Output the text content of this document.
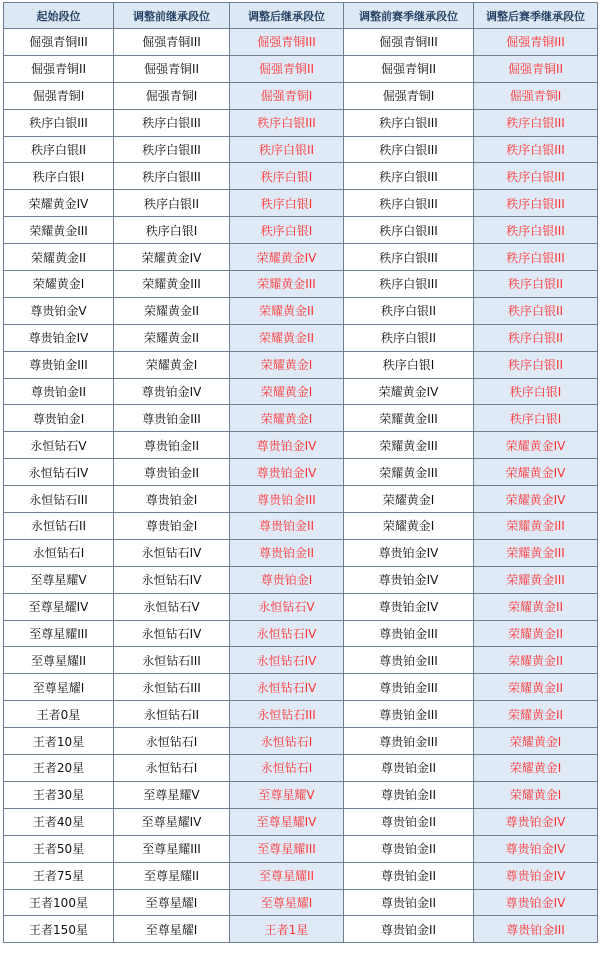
起始段位	调整前继承段位	调整后继承段位	调整前赛季继承段位	调整后赛季继承段位
倔强青铜III	倔强青铜III	倔强青铜III	倔强青铜III	倔强青铜III
倔强青铜II	倔强青铜II	倔强青铜II	倔强青铜II	倔强青铜II
倔强青铜I	倔强青铜I	倔强青铜I	倔强青铜I	倔强青铜I
秩序白银III	秩序白银III	秩序白银III	秩序白银III	秩序白银III
秩序白银II	秩序白银III	秩序白银II	秩序白银III	秩序白银III
秩序白银I	秩序白银III	秩序白银I	秩序白银III	秩序白银III
荣耀黄金IV	秩序白银II	秩序白银I	秩序白银III	秩序白银III
荣耀黄金III	秩序白银I	秩序白银I	秩序白银III	秩序白银III
荣耀黄金II	荣耀黄金IV	荣耀黄金IV	秩序白银III	秩序白银III
荣耀黄金I	荣耀黄金III	荣耀黄金III	秩序白银III	秩序白银II
尊贵铂金V	荣耀黄金II	荣耀黄金II	秩序白银II	秩序白银II
尊贵铂金IV	荣耀黄金II	荣耀黄金II	秩序白银II	秩序白银II
尊贵铂金III	荣耀黄金I	荣耀黄金I	秩序白银I	秩序白银II
尊贵铂金II	尊贵铂金IV	荣耀黄金I	荣耀黄金IV	秩序白银I
尊贵铂金I	尊贵铂金III	荣耀黄金I	荣耀黄金III	秩序白银I
永恒钻石V	尊贵铂金II	尊贵铂金IV	荣耀黄金III	荣耀黄金IV
永恒钻石IV	尊贵铂金II	尊贵铂金IV	荣耀黄金III	荣耀黄金IV
永恒钻石III	尊贵铂金I	尊贵铂金III	荣耀黄金I	荣耀黄金IV
永恒钻石II	尊贵铂金I	尊贵铂金II	荣耀黄金I	荣耀黄金III
永恒钻石I	永恒钻石IV	尊贵铂金II	尊贵铂金IV	荣耀黄金III
至尊星耀V	永恒钻石IV	尊贵铂金I	尊贵铂金IV	荣耀黄金III
至尊星耀IV	永恒钻石V	永恒钻石V	尊贵铂金IV	荣耀黄金II
至尊星耀III	永恒钻石IV	永恒钻石IV	尊贵铂金III	荣耀黄金II
至尊星耀II	永恒钻石III	永恒钻石IV	尊贵铂金III	荣耀黄金II
至尊星耀I	永恒钻石III	永恒钻石IV	尊贵铂金III	荣耀黄金II
王者0星	永恒钻石II	永恒钻石III	尊贵铂金III	荣耀黄金II
王者10星	永恒钻石I	永恒钻石I	尊贵铂金III	荣耀黄金I
王者20星	永恒钻石I	永恒钻石I	尊贵铂金II	荣耀黄金I
王者30星	至尊星耀V	至尊星耀V	尊贵铂金II	荣耀黄金I
王者40星	至尊星耀IV	至尊星耀IV	尊贵铂金II	尊贵铂金IV
王者50星	至尊星耀III	至尊星耀III	尊贵铂金II	尊贵铂金IV
王者75星	至尊星耀II	至尊星耀II	尊贵铂金II	尊贵铂金IV
王者100星	至尊星耀I	至尊星耀I	尊贵铂金II	尊贵铂金IV
王者150星	至尊星耀I	王者1星	尊贵铂金II	尊贵铂金III
